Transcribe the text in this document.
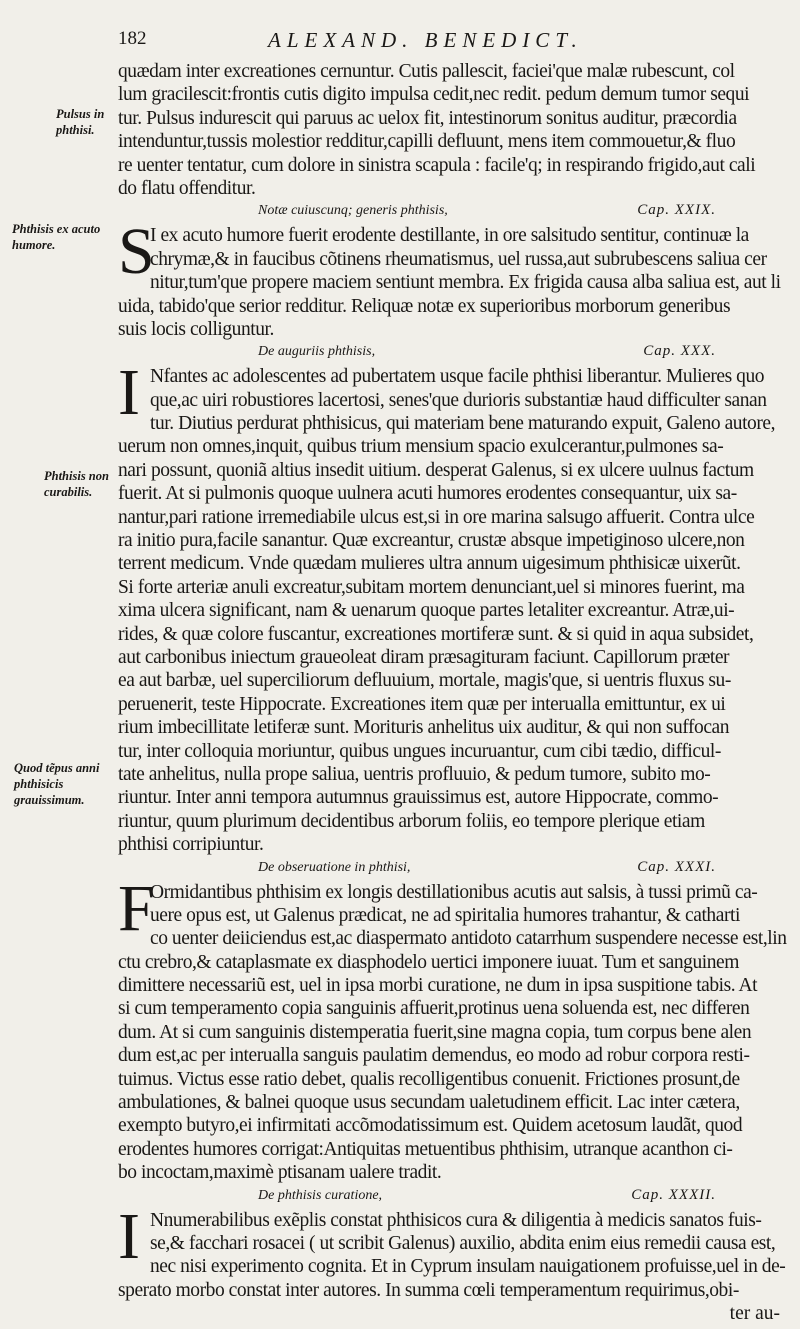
182	ALEXAND. BENEDICT.
Pulsus in phthisi.
Phthisis ex acuto humore.
Phthisis non curabilis.
Quod tẽpus anni phthisicis grauissimum.
quædam inter excreationes cernuntur. Cutis pallescit, faciei'que malæ rubescunt, col
lum gracilescit:frontis cutis digito impulsa cedit,nec redit. pedum demum tumor sequi
tur. Pulsus indurescit qui paruus ac uelox fit, intestinorum sonitus auditur, præcordia
intenduntur,tussis molestior redditur,capilli defluunt, mens item commouetur,& fluo
re uenter tentatur, cum dolore in sinistra scapula : facile'q; in respirando frigido,aut cali
do flatu offenditur.
Notæ cuiuscunq; generis phthisis,	Cap. XXIX.
S
I ex acuto humore fuerit erodente destillante, in ore salsitudo sentitur, continuæ la
chrymæ,& in faucibus cõtinens rheumatismus, uel russa,aut subrubescens saliua cer
nitur,tum'que propere maciem sentiunt membra. Ex frigida causa alba saliua est, aut li
uida, tabido'que serior redditur. Reliquæ notæ ex superioribus morborum generibus
suis locis colliguntur.
De auguriis phthisis,	Cap. XXX.
I Nfantes ac adolescentes ad pubertatem usque facile phthisi liberantur. Mulieres quo
que,ac uiri robustiores lacertosi, senes'que durioris substantiæ haud difficulter sanan
tur. Diutius perdurat phthisicus, qui materiam bene maturando expuit, Galeno autore,
uerum non omnes,inquit, quibus trium mensium spacio exulcerantur,pulmones sa-
nari possunt, quoniã altius insedit uitium. desperat Galenus, si ex ulcere uulnus factum
fuerit. At si pulmonis quoque uulnera acuti humores erodentes consequantur, uix sa-
nantur,pari ratione irremediabile ulcus est,si in ore marina salsugo affuerit. Contra ulce
ra initio pura,facile sanantur. Quæ excreantur, crustæ absque impetiginoso ulcere,non
terrent medicum. Vnde quædam mulieres ultra annum uigesimum phthisicæ uixerũt.
Si forte arteriæ anuli excreatur,subitam mortem denunciant,uel si minores fuerint, ma
xima ulcera significant, nam & uenarum quoque partes letaliter excreantur. Atræ,ui-
rides, & quæ colore fuscantur, excreationes mortiferæ sunt. & si quid in aqua subsidet,
aut carbonibus iniectum graueoleat diram præsagituram faciunt. Capillorum præter
ea aut barbæ, uel superciliorum defluuium, mortale, magis'que, si uentris fluxus su-
peruenerit, teste Hippocrate. Excreationes item quæ per interualla emittuntur, ex ui
rium imbecillitate letiferæ sunt. Morituris anhelitus uix auditur, & qui non suffocan
tur, inter colloquia moriuntur, quibus ungues incuruantur, cum cibi tædio, difficul-
tate anhelitus, nulla prope saliua, uentris profluuio, & pedum tumore, subito mo-
riuntur. Inter anni tempora autumnus grauissimus est, autore Hippocrate, commo-
riuntur, quum plurimum decidentibus arborum foliis, eo tempore plerique etiam
phthisi corripiuntur.
De obseruatione in phthisi,	Cap. XXXI.
F
Ormidantibus phthisim ex longis destillationibus acutis aut salsis, à tussi primũ ca-
uere opus est, ut Galenus prædicat, ne ad spiritalia humores trahantur, & catharti
co uenter deiiciendus est,ac diaspermato antidoto catarrhum suspendere necesse est,lin
ctu crebro,& cataplasmate ex diasphodelo uertici imponere iuuat. Tum et sanguinem
dimittere necessariũ est, uel in ipsa morbi curatione, ne dum in ipsa suspitione tabis. At
si cum temperamento copia sanguinis affuerit,protinus uena soluenda est, nec differen
dum. At si cum sanguinis distemperatia fuerit,sine magna copia, tum corpus bene alen
dum est,ac per interualla sanguis paulatim demendus, eo modo ad robur corpora resti-
tuimus. Victus esse ratio debet, qualis recolligentibus conuenit. Frictiones prosunt,de
ambulationes, & balnei quoque usus secundam ualetudinem efficit. Lac inter cætera,
exempto butyro,ei infirmitati accõmodatissimum est. Quidem acetosum laudãt, quod
erodentes humores corrigat:Antiquitas metuentibus phthisim, utranque acanthon ci-
bo incoctam,maximè ptisanam ualere tradit.
De phthisis curatione,	Cap. XXXII.
I Nnumerabilibus exẽplis constat phthisicos cura & diligentia à medicis sanatos fuis-
se,& facchari rosacei ( ut scribit Galenus) auxilio, abdita enim eius remedii causa est,
nec nisi experimento cognita. Et in Cyprum insulam nauigationem profuisse,uel in de-
sperato morbo constat inter autores. In summa cœli temperamentum requirimus,obi-
ter au-
